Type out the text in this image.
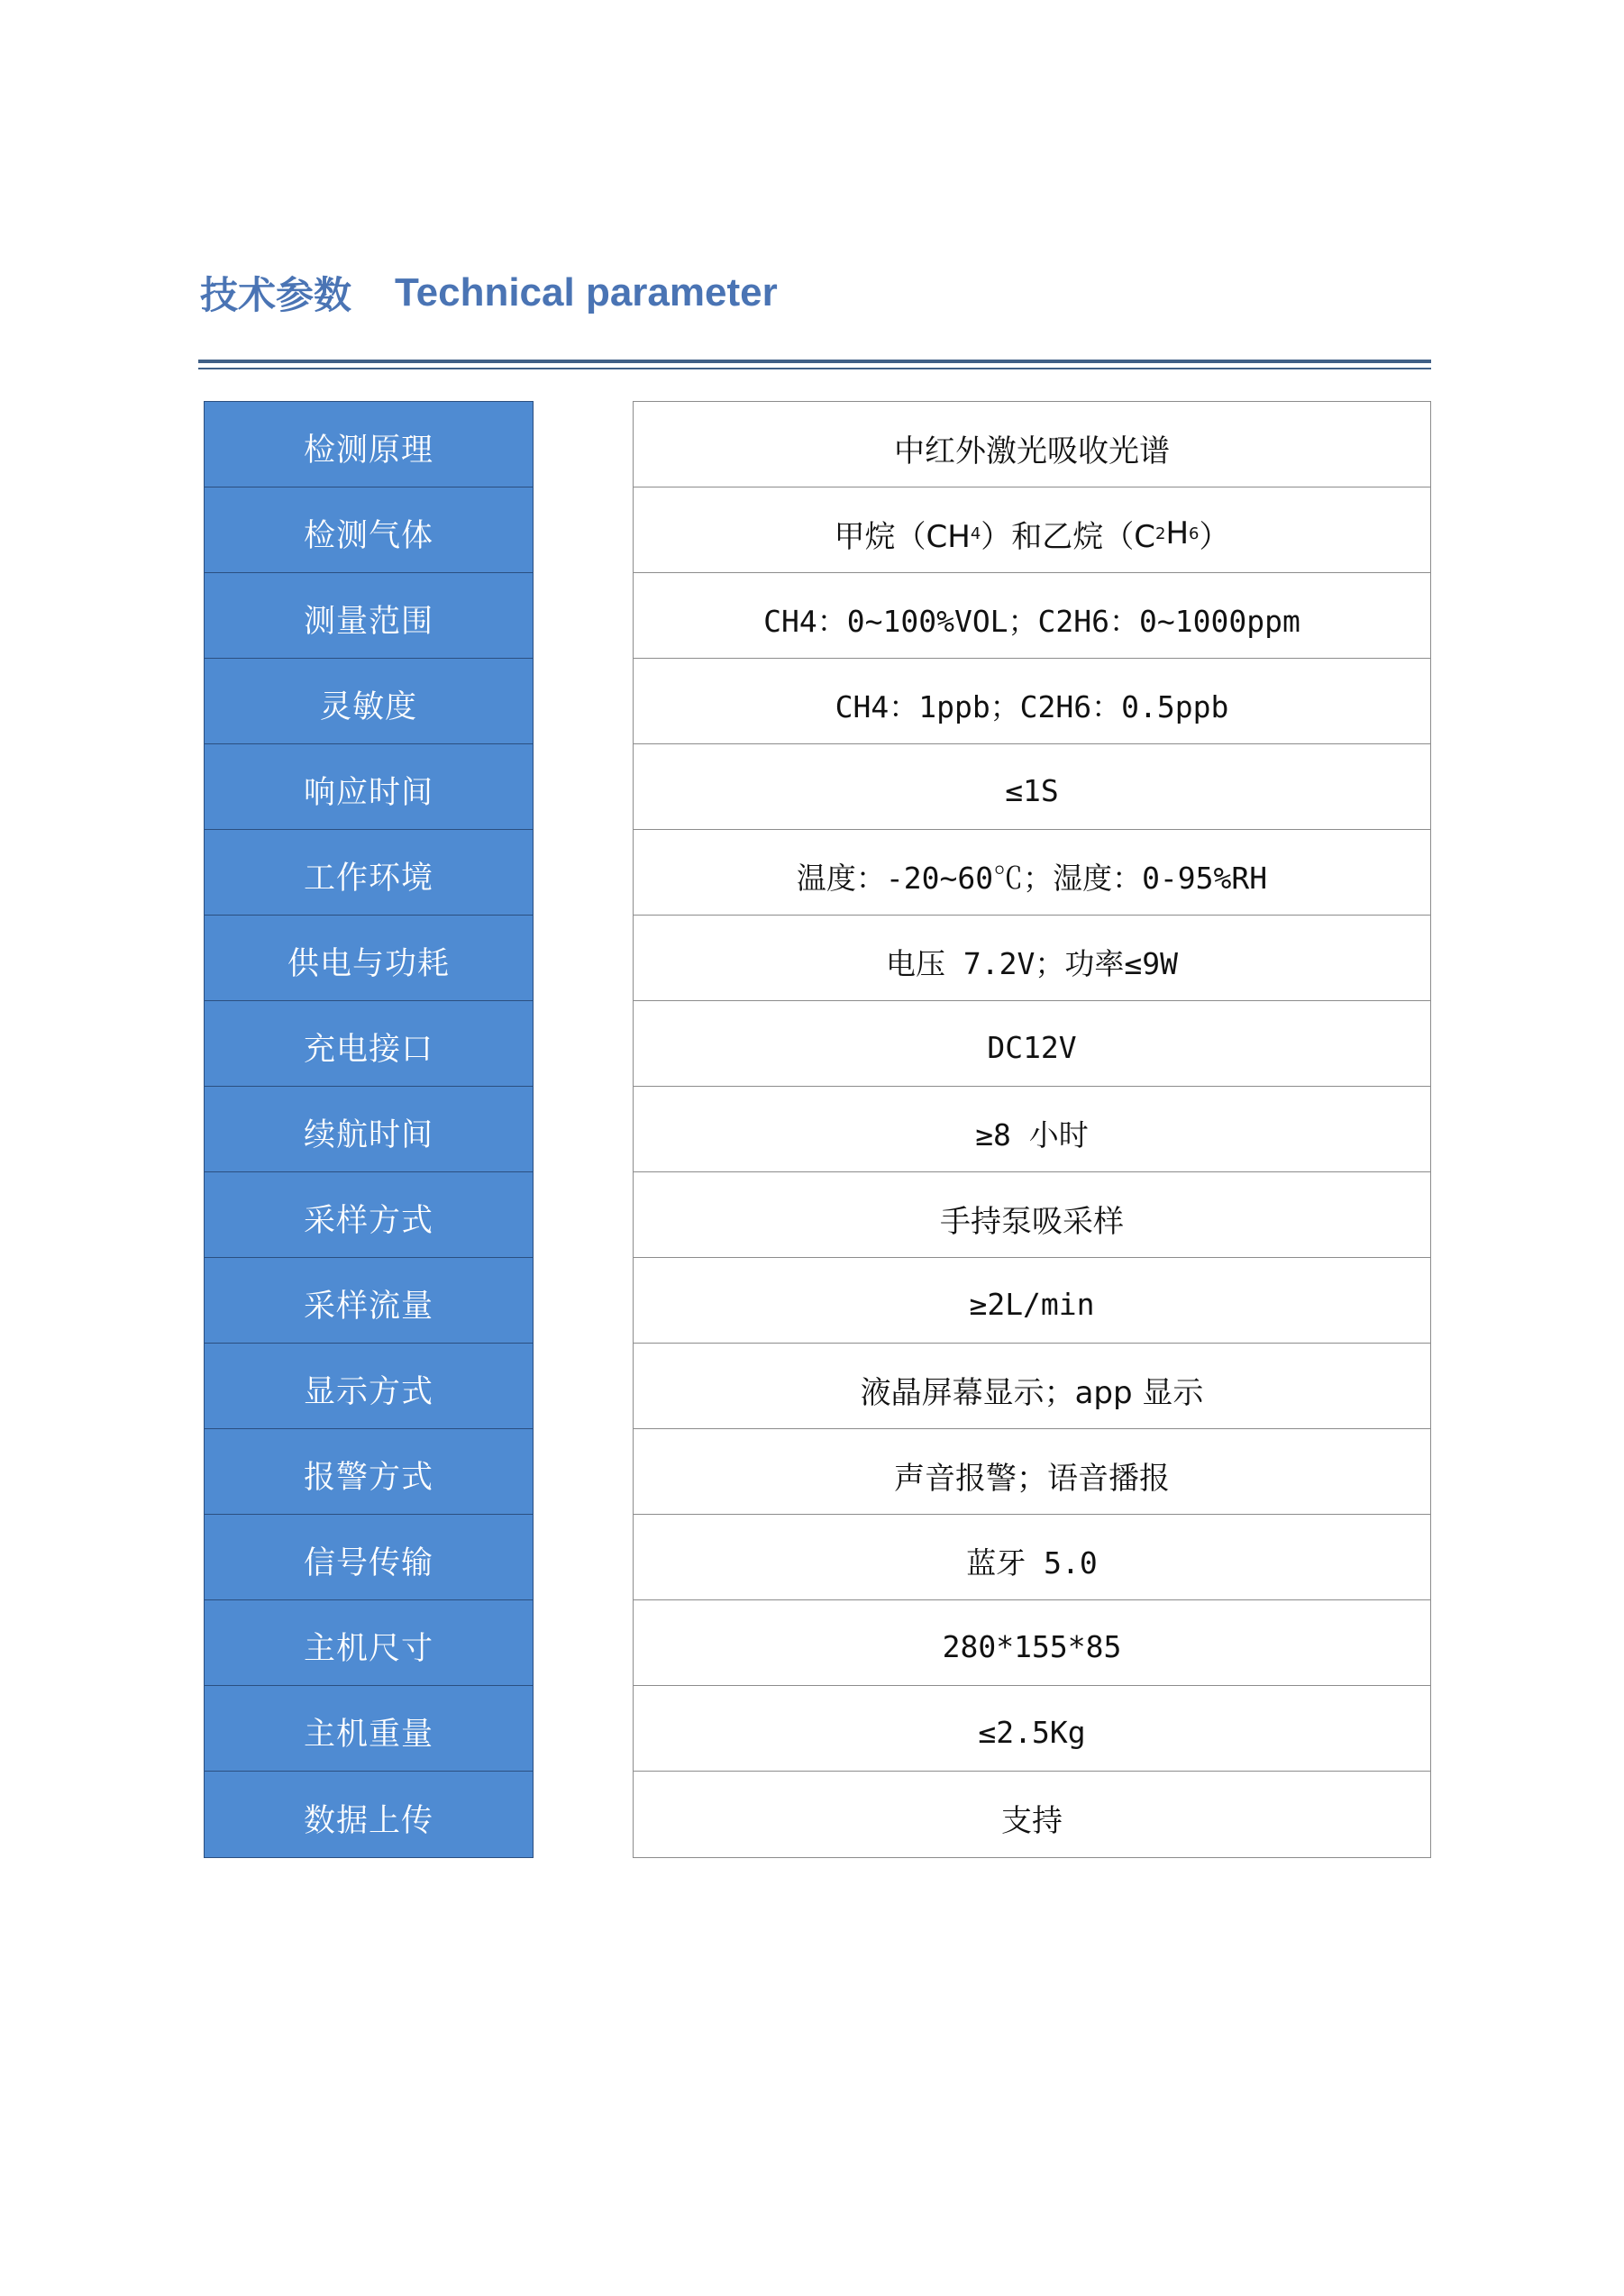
技术参数 Technical parameter
检测原理
检测气体
测量范围
灵敏度
响应时间
工作环境
供电与功耗
充电接口
续航时间
采样方式
采样流量
显示方式
报警方式
信号传输
主机尺寸
主机重量
数据上传
中红外激光吸收光谱
甲烷（CH 4 ）和乙烷（C 2 H 6 ）
CH4：0~100%VOL；C2H6：0~1000ppm
CH4：1ppb；C2H6：0.5ppb
≤1S
温度：-20~60℃；湿度：0-95%RH
电压 7.2V；功率≤9W
DC12V
≥8 小时
手持泵吸采样
≥2L/min
液晶屏幕显示；app 显示
声音报警；语音播报
蓝牙 5.0
280*155*85
≤2.5Kg
支持
